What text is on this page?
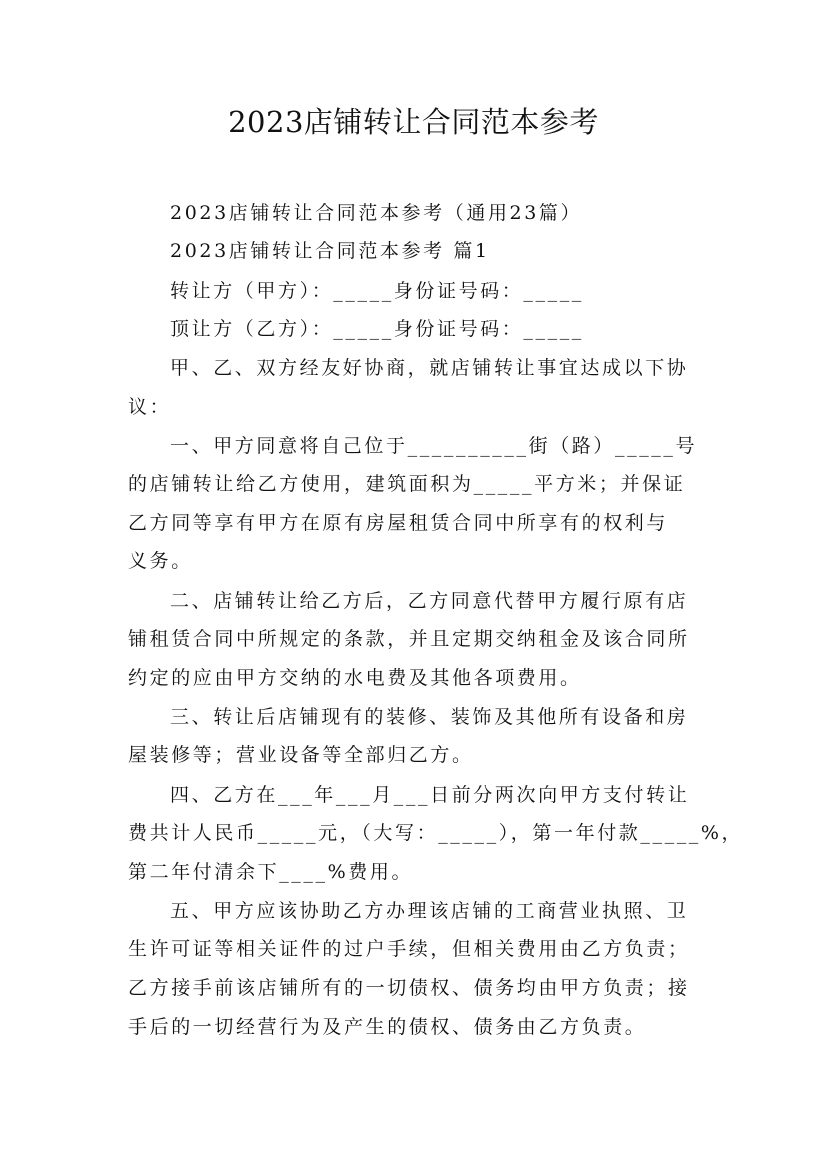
2023店铺转让合同范本参考
2023店铺转让合同范本参考（通用23篇）
2023店铺转让合同范本参考 篇1
转让方（甲方）：_____身份证号码：_____
顶让方（乙方）：_____身份证号码：_____
甲、乙、双方经友好协商，就店铺转让事宜达成以下协
议：
一、甲方同意将自己位于__________街（路）_____号
的店铺转让给乙方使用，建筑面积为_____平方米；并保证
乙方同等享有甲方在原有房屋租赁合同中所享有的权利与
义务。
二、店铺转让给乙方后，乙方同意代替甲方履行原有店
铺租赁合同中所规定的条款，并且定期交纳租金及该合同所
约定的应由甲方交纳的水电费及其他各项费用。
三、转让后店铺现有的装修、装饰及其他所有设备和房
屋装修等；营业设备等全部归乙方。
四、乙方在___年___月___日前分两次向甲方支付转让
费共计人民币_____元，（大写：_____），第一年付款_____%，
第二年付清余下____%费用。
五、甲方应该协助乙方办理该店铺的工商营业执照、卫
生许可证等相关证件的过户手续，但相关费用由乙方负责；
乙方接手前该店铺所有的一切债权、债务均由甲方负责；接
手后的一切经营行为及产生的债权、债务由乙方负责。
